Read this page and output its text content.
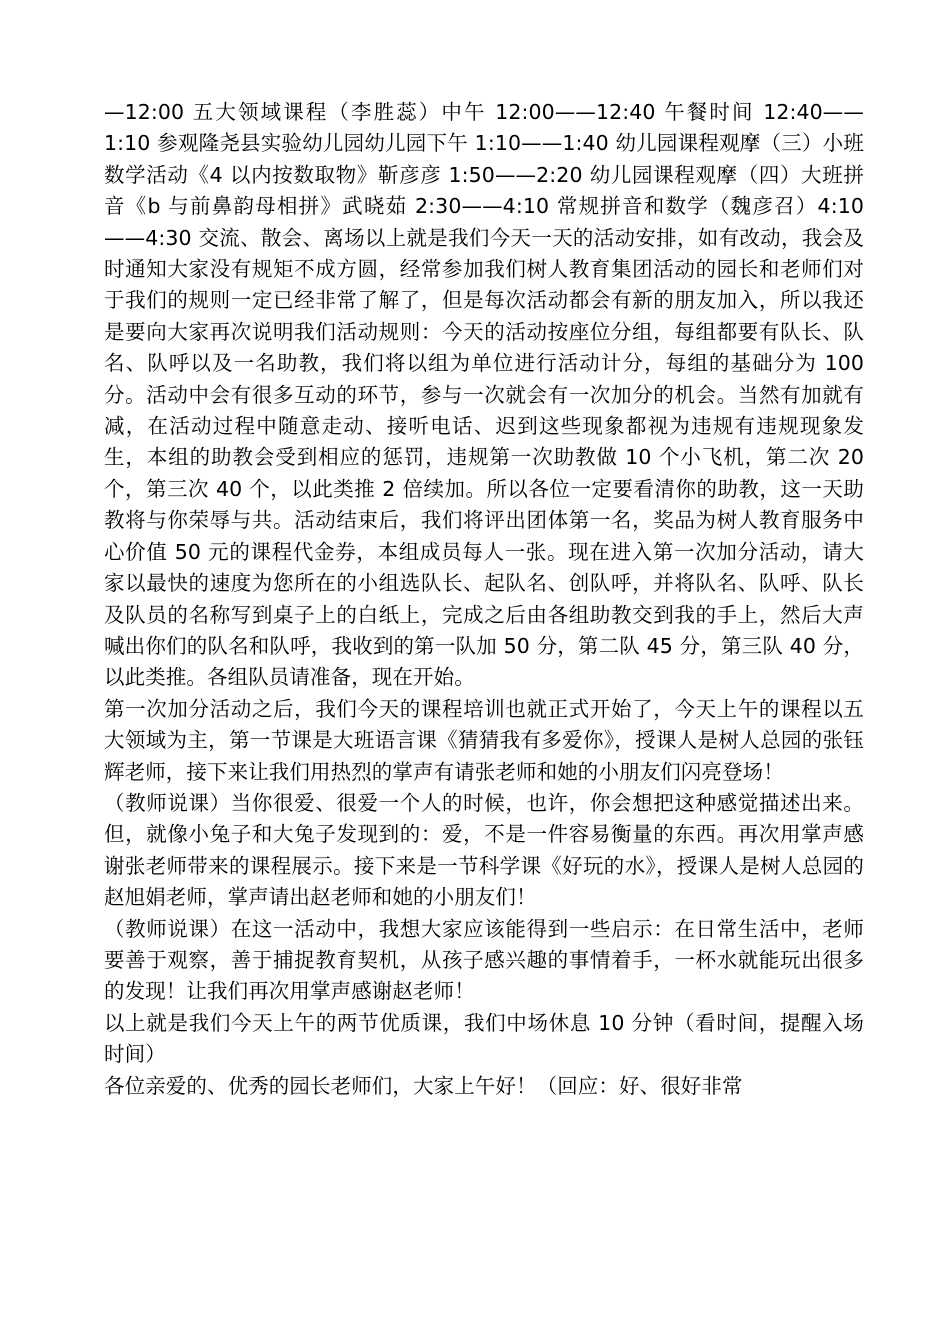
—12:00 五大领域课程（李胜蕊）中午 12:00——12:40 午餐时间 12:40——1:10 参观隆尧县实验幼儿园幼儿园下午 1:10——1:40 幼儿园课程观摩（三）小班数学活动《4 以内按数取物》靳彦彦 1:50——2:20 幼儿园课程观摩（四）大班拼音《b 与前鼻韵母相拼》武晓茹 2:30——4:10 常规拼音和数学（魏彦召）4:10——4:30 交流、散会、离场以上就是我们今天一天的活动安排，如有改动，我会及时通知大家没有规矩不成方圆，经常参加我们树人教育集团活动的园长和老师们对于我们的规则一定已经非常了解了，但是每次活动都会有新的朋友加入，所以我还是要向大家再次说明我们活动规则：今天的活动按座位分组，每组都要有队长、队名、队呼以及一名助教，我们将以组为单位进行活动计分，每组的基础分为 100 分。活动中会有很多互动的环节，参与一次就会有一次加分的机会。当然有加就有减，在活动过程中随意走动、接听电话、迟到这些现象都视为违规有违规现象发生，本组的助教会受到相应的惩罚，违规第一次助教做 10 个小飞机，第二次 20 个，第三次 40 个，以此类推 2 倍续加。所以各位一定要看清你的助教，这一天助教将与你荣辱与共。活动结束后，我们将评出团体第一名，奖品为树人教育服务中心价值 50 元的课程代金券，本组成员每人一张。现在进入第一次加分活动，请大家以最快的速度为您所在的小组选队长、起队名、创队呼，并将队名、队呼、队长及队员的名称写到桌子上的白纸上，完成之后由各组助教交到我的手上，然后大声喊出你们的队名和队呼，我收到的第一队加 50 分，第二队 45 分，第三队 40 分，以此类推。各组队员请准备，现在开始。

第一次加分活动之后，我们今天的课程培训也就正式开始了，今天上午的课程以五大领域为主，第一节课是大班语言课《猜猜我有多爱你》，授课人是树人总园的张钰辉老师，接下来让我们用热烈的掌声有请张老师和她的小朋友们闪亮登场！

（教师说课）当你很爱、很爱一个人的时候，也许，你会想把这种感觉描述出来。但，就像小兔子和大兔子发现到的：爱，不是一件容易衡量的东西。再次用掌声感谢张老师带来的课程展示。接下来是一节科学课《好玩的水》，授课人是树人总园的赵旭娟老师，掌声请出赵老师和她的小朋友们！

（教师说课）在这一活动中，我想大家应该能得到一些启示：在日常生活中，老师要善于观察，善于捕捉教育契机，从孩子感兴趣的事情着手，一杯水就能玩出很多的发现！让我们再次用掌声感谢赵老师！

以上就是我们今天上午的两节优质课，我们中场休息 10 分钟（看时间，提醒入场时间）

各位亲爱的、优秀的园长老师们，大家上午好！（回应：好、很好非常
